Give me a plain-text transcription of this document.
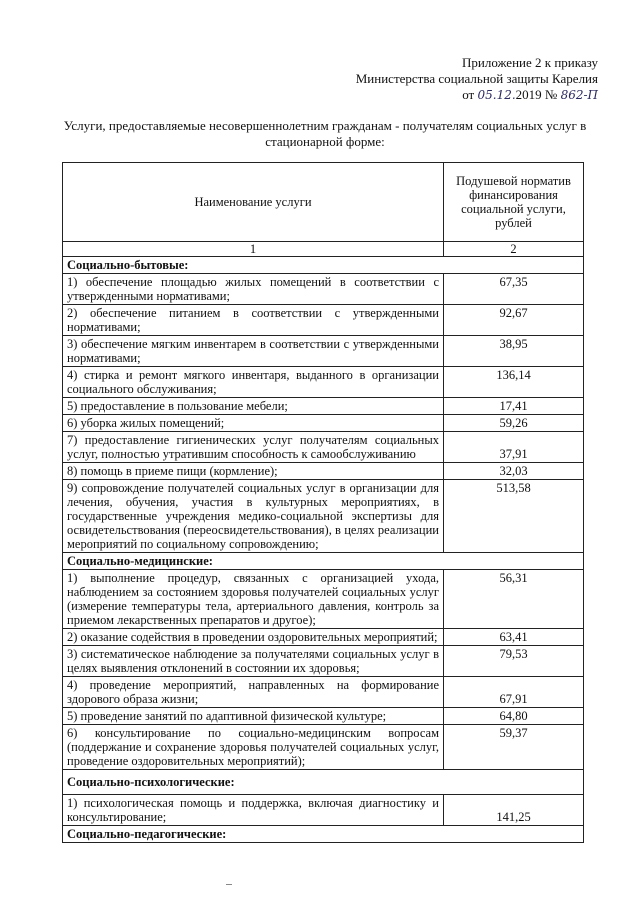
Приложение 2 к приказу
Министерства социальной защиты Карелия
от 05.12.2019 № 862-П
Услуги, предоставляемые несовершеннолетним гражданам - получателям социальных услуг в стационарной форме:
Наименование услуги	Подушевой норматив финансирования социальной услуги, рублей
1	2
Социально-бытовые:	
1) обеспечение площадью жилых помещений в соответствии с утвержденными нормативами;	67,35
2) обеспечение питанием в соответствии с утвержденными нормативами;	92,67
3) обеспечение мягким инвентарем в соответствии с утвержденными нормативами;	38,95
4) стирка и ремонт мягкого инвентаря, выданного в организации социального обслуживания;	136,14
5) предоставление в пользование мебели;	17,41
6) уборка жилых помещений;	59,26
7) предоставление гигиенических услуг получателям социальных услуг, полностью утратившим способность к самообслуживанию	37,91
8) помощь в приеме пищи (кормление);	32,03
9) сопровождение получателей социальных услуг в организации для лечения, обучения, участия в культурных мероприятиях, в государственные учреждения медико-социальной экспертизы для освидетельствования (переосвидетельствования), в целях реализации мероприятий по социальному сопровождению;	513,58
Социально-медицинские:	
1) выполнение процедур, связанных с организацией ухода, наблюдением за состоянием здоровья получателей социальных услуг (измерение температуры тела, артериального давления, контроль за приемом лекарственных препаратов и другое);	56,31
2) оказание содействия в проведении оздоровительных мероприятий;	63,41
3) систематическое наблюдение за получателями социальных услуг в целях выявления отклонений в состоянии их здоровья;	79,53
4) проведение мероприятий, направленных на формирование здорового образа жизни;	67,91
5) проведение занятий по адаптивной физической культуре;	64,80
6) консультирование по социально-медицинским вопросам (поддержание и сохранение здоровья получателей социальных услуг, проведение оздоровительных мероприятий);	59,37
Социально-психологические:	
1) психологическая помощь и поддержка, включая диагностику и консультирование;	141,25
Социально-педагогические:	
